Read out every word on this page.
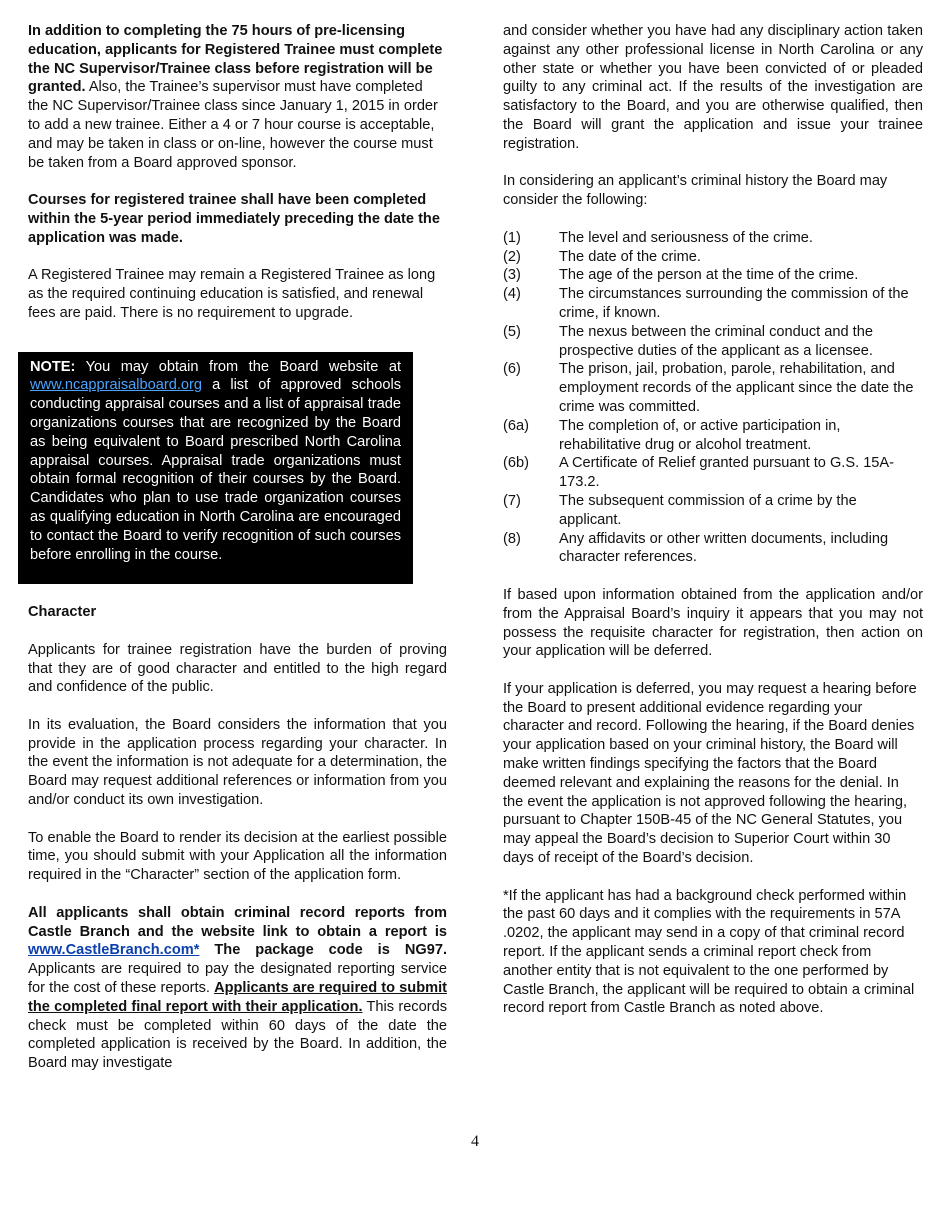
In addition to completing the 75 hours of pre-licensing education, applicants for Registered Trainee must complete the NC Supervisor/Trainee class before registration will be granted. Also, the Trainee’s supervisor must have completed the NC Supervisor/Trainee class since January 1, 2015 in order to add a new trainee. Either a 4 or 7 hour course is acceptable, and may be taken in class or on-line, however the course must be taken from a Board approved sponsor.

Courses for registered trainee shall have been completed within the 5-year period immediately preceding the date the application was made.

A Registered Trainee may remain a Registered Trainee as long as the required continuing education is satisfied, and renewal fees are paid. There is no requirement to upgrade.

NOTE: You may obtain from the Board website at www.ncappraisalboard.org a list of approved schools conducting appraisal courses and a list of appraisal trade organizations courses that are recognized by the Board as being equivalent to Board prescribed North Carolina appraisal courses. Appraisal trade organizations must obtain formal recognition of their courses by the Board. Candidates who plan to use trade organization courses as qualifying education in North Carolina are encouraged to contact the Board to verify recognition of such courses before enrolling in the course.

Character

Applicants for trainee registration have the burden of proving that they are of good character and entitled to the high regard and confidence of the public.

In its evaluation, the Board considers the information that you provide in the application process regarding your character. In the event the information is not adequate for a determination, the Board may request additional references or information from you and/or conduct its own investigation.

To enable the Board to render its decision at the earliest possible time, you should submit with your Application all the information required in the “Character” section of the application form.

All applicants shall obtain criminal record reports from Castle Branch and the website link to obtain a report is www.CastleBranch.com* The package code is NG97. Applicants are required to pay the designated reporting service for the cost of these reports. Applicants are required to submit the completed final report with their application. This records check must be completed within 60 days of the date the completed application is received by the Board. In addition, the Board may investigate

and consider whether you have had any disciplinary action taken against any other professional license in North Carolina or any other state or whether you have been convicted of or pleaded guilty to any criminal act. If the results of the investigation are satisfactory to the Board, and you are otherwise qualified, then the Board will grant the application and issue your trainee registration.

In considering an applicant’s criminal history the Board may consider the following:

(1)	The level and seriousness of the crime.
(2)	The date of the crime.
(3)	The age of the person at the time of the crime.
(4)	The circumstances surrounding the commission of the crime, if known.
(5)	The nexus between the criminal conduct and the prospective duties of the applicant as a licensee.
(6)	The prison, jail, probation, parole, rehabilitation, and employment records of the applicant since the date the crime was committed.
(6a)	The completion of, or active participation in, rehabilitative drug or alcohol treatment.
(6b)	A Certificate of Relief granted pursuant to G.S. 15A-173.2.
(7)	The subsequent commission of a crime by the applicant.
(8)	Any affidavits or other written documents, including character references.

If based upon information obtained from the application and/or from the Appraisal Board’s inquiry it appears that you may not possess the requisite character for registration, then action on your application will be deferred.

If your application is deferred, you may request a hearing before the Board to present additional evidence regarding your character and record. Following the hearing, if the Board denies your application based on your criminal history, the Board will make written findings specifying the factors that the Board deemed relevant and explaining the reasons for the denial. In the event the application is not approved following the hearing, pursuant to Chapter 150B-45 of the NC General Statutes, you may appeal the Board’s decision to Superior Court within 30 days of receipt of the Board’s decision.

*If the applicant has had a background check performed within the past 60 days and it complies with the requirements in 57A .0202, the applicant may send in a copy of that criminal record report. If the applicant sends a criminal report check from another entity that is not equivalent to the one performed by Castle Branch, the applicant will be required to obtain a criminal record report from Castle Branch as noted above.

4
